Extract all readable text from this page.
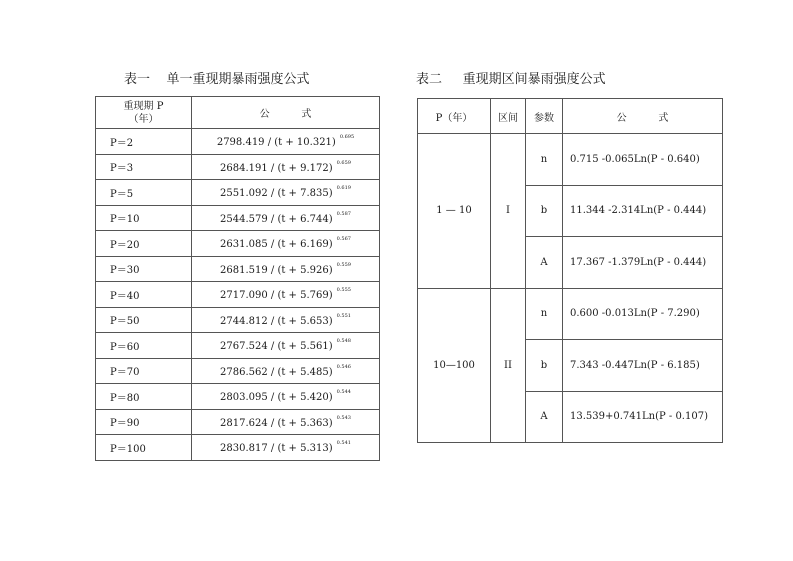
表一    单一重现期暴雨强度公式	表二     重现期区间暴雨强度公式
重现期 P
（年）	公          式
P＝2	2798.419 / (t + 10.321) $^{0.695}$
P＝3	2684.191 / (t + 9.172) $^{0.659}$
P＝5	2551.092 / (t + 7.835) $^{0.619}$
P＝10	2544.579 / (t + 6.744) $^{0.587}$
P＝20	2631.085 / (t + 6.169) $^{0.567}$
P＝30	2681.519 / (t + 5.926) $^{0.559}$
P＝40	2717.090 / (t + 5.769) $^{0.555}$
P＝50	2744.812 / (t + 5.653) $^{0.551}$
P＝60	2767.524 / (t + 5.561) $^{0.548}$
P＝70	2786.562 / (t + 5.485) $^{0.546}$
P＝80	2803.095 / (t + 5.420) $^{0.544}$
P＝90	2817.624 / (t + 5.363) $^{0.543}$
P＝100	2830.817 / (t + 5.313) $^{0.541}$
P（年）	区间	参数	公          式
1 — 10	I	n	0.715 -0.065Ln(P - 0.640)
		b	11.344 -2.314Ln(P - 0.444)
		A	17.367 -1.379Ln(P - 0.444)
10—100	II	n	0.600 -0.013Ln(P - 7.290)
		b	7.343 -0.447Ln(P - 6.185)
		A	13.539+0.741Ln(P - 0.107)
